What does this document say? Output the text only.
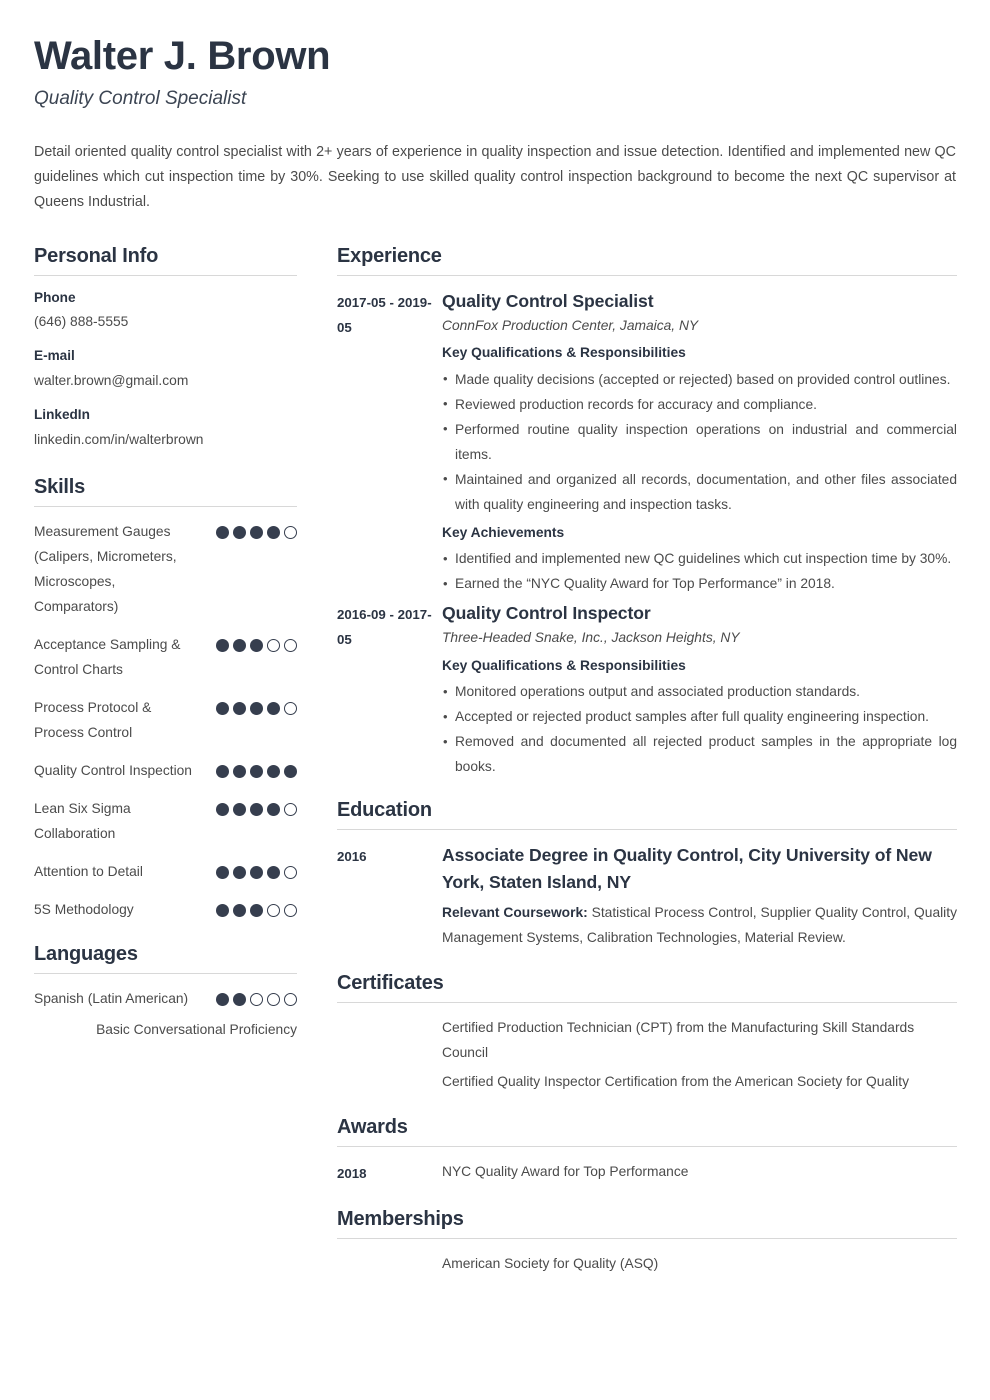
Walter J. Brown
Quality Control Specialist
Detail oriented quality control specialist with 2+ years of experience in quality inspection and issue detection. Identified and implemented new QC guidelines which cut inspection time by 30%. Seeking to use skilled quality control inspection background to become the next QC supervisor at Queens Industrial.
Personal Info
Phone
(646) 888-5555
E-mail
walter.brown@gmail.com
LinkedIn
linkedin.com/in/walterbrown
Skills
Measurement Gauges (Calipers, Micrometers, Microscopes, Comparators)
Acceptance Sampling & Control Charts
Process Protocol & Process Control
Quality Control Inspection
Lean Six Sigma Collaboration
Attention to Detail
5S Methodology
Languages
Spanish (Latin American)
Basic Conversational Proficiency
Experience
2017-05 - 2019-05
Quality Control Specialist
ConnFox Production Center, Jamaica, NY
Key Qualifications & Responsibilities
• Made quality decisions (accepted or rejected) based on provided control outlines.
• Reviewed production records for accuracy and compliance.
• Performed routine quality inspection operations on industrial and commercial items.
• Maintained and organized all records, documentation, and other files associated with quality engineering and inspection tasks.
Key Achievements
• Identified and implemented new QC guidelines which cut inspection time by 30%.
• Earned the “NYC Quality Award for Top Performance” in 2018.
2016-09 - 2017-05
Quality Control Inspector
Three-Headed Snake, Inc., Jackson Heights, NY
Key Qualifications & Responsibilities
• Monitored operations output and associated production standards.
• Accepted or rejected product samples after full quality engineering inspection.
• Removed and documented all rejected product samples in the appropriate log books.
Education
2016	Associate Degree in Quality Control, City University of New York, Staten Island, NY
Relevant Coursework: Statistical Process Control, Supplier Quality Control, Quality Management Systems, Calibration Technologies, Material Review.
Certificates
Certified Production Technician (CPT) from the Manufacturing Skill Standards Council
Certified Quality Inspector Certification from the American Society for Quality
Awards
2018	NYC Quality Award for Top Performance
Memberships
American Society for Quality (ASQ)
